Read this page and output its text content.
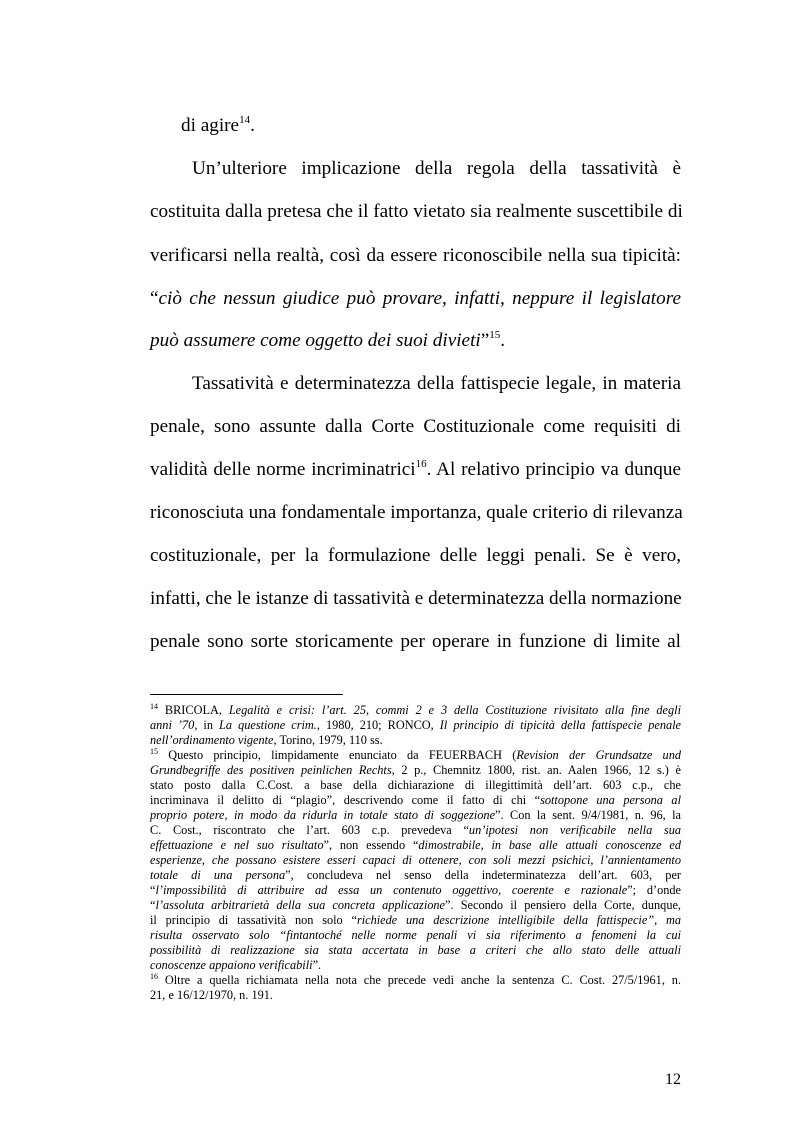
di agire$^{14}$.
Un’ulteriore implicazione della regola della tassatività è
costituita dalla pretesa che il fatto vietato sia realmente suscettibile di
verificarsi nella realtà, così da essere riconoscibile nella sua tipicità:
“ciò che nessun giudice può provare, infatti, neppure il legislatore
può assumere come oggetto dei suoi divieti”$^{15}$.
Tassatività e determinatezza della fattispecie legale, in materia
penale, sono assunte dalla Corte Costituzionale come requisiti di
validità delle norme incriminatrici$^{16}$. Al relativo principio va dunque
riconosciuta una fondamentale importanza, quale criterio di rilevanza
costituzionale, per la formulazione delle leggi penali. Se è vero,
infatti, che le istanze di tassatività e determinatezza della normazione
penale sono sorte storicamente per operare in funzione di limite al
$^{14}$ BRICOLA, Legalità e crisi: l’art. 25, commi 2 e 3 della Costituzione rivisitato alla fine degli
anni ’70, in La questione crim., 1980, 210; RONCO, Il principio di tipicità della fattispecie penale
nell’ordinamento vigente, Torino, 1979, 110 ss.
$^{15}$ Questo principio, limpidamente enunciato da FEUERBACH (Revision der Grundsatze und
Grundbegriffe des positiven peinlichen Rechts, 2 p., Chemnitz 1800, rist. an. Aalen 1966, 12 s.) è
stato posto dalla C.Cost. a base della dichiarazione di illegittimità dell’art. 603 c.p., che
incriminava il delitto di “plagio”, descrivendo come il fatto di chi “sottopone una persona al
proprio potere, in modo da ridurla in totale stato di soggezione”. Con la sent. 9/4/1981, n. 96, la
C. Cost., riscontrato che l’art. 603 c.p. prevedeva “un’ipotesi non verificabile nella sua
effettuazione e nel suo risultato”, non essendo “dimostrabile, in base alle attuali conoscenze ed
esperienze, che possano esistere esseri capaci di ottenere, con soli mezzi psichici, l’annientamento
totale di una persona”, concludeva nel senso della indeterminatezza dell’art. 603, per
“l’impossibilità di attribuire ad essa un contenuto oggettivo, coerente e razionale”; d’onde
“l’assoluta arbitrarietà della sua concreta applicazione”. Secondo il pensiero della Corte, dunque,
il principio di tassatività non solo “richiede una descrizione intelligibile della fattispecie”, ma
risulta osservato solo “fintantoché nelle norme penali vi sia riferimento a fenomeni la cui
possibilità di realizzazione sia stata accertata in base a criteri che allo stato delle attuali
conoscenze appaiono verificabili”.
$^{16}$ Oltre a quella richiamata nella nota che precede vedi anche la sentenza C. Cost. 27/5/1961, n.
21, e 16/12/1970, n. 191.
12
